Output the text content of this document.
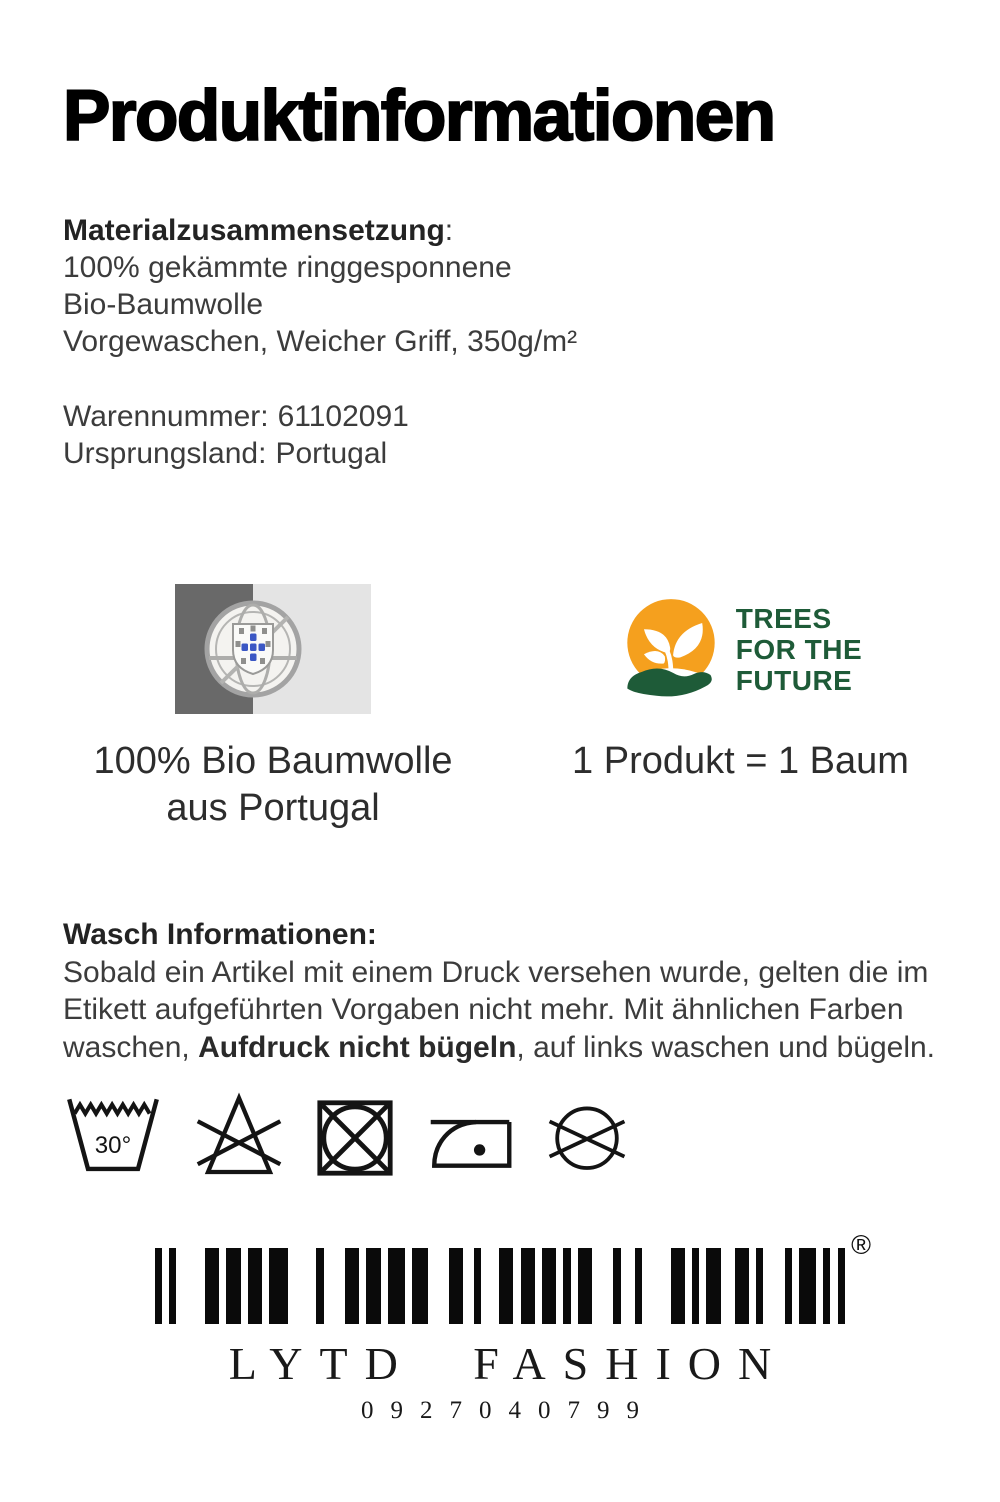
Produktinformationen
Materialzusammensetzung:
100% gekämmte ringgesponnene
Bio-Baumwolle
Vorgewaschen, Weicher Griff, 350g/m²
Warennummer: 61102091
Ursprungsland: Portugal
100% Bio Baumwolle
aus Portugal
TREES
FOR THE
FUTURE
1 Produkt = 1 Baum
Wasch Informationen:

Sobald ein Artikel mit einem Druck versehen wurde, gelten die im Etikett aufgeführten Vorgaben nicht mehr. Mit ähnlichen Farben waschen, Aufdruck nicht bügeln, auf links waschen und bügeln.

30°
®
LYTD FASHION
0927040799
